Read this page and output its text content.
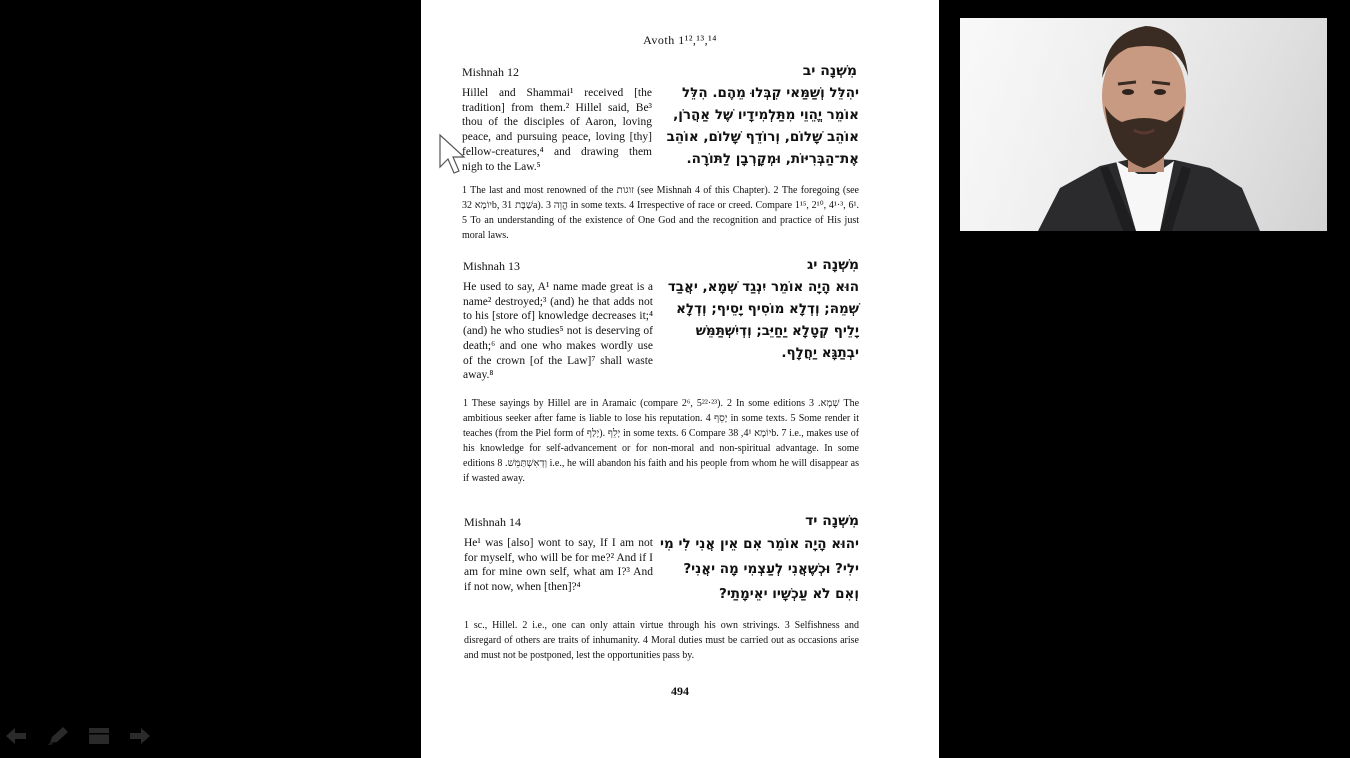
Avoth 1¹²,¹³,¹⁴
Mishnah 12	מִשְׁנָה יב
Hillel and Shammai¹ received [the tradition] from them.² Hillel said, Be³ thou of the disciples of Aaron, loving peace, and pursuing peace, loving [thy] fellow-creatures,⁴ and drawing them nigh to the Law.⁵
יהִלֵּל וְשַׁמַּאי קִבְּלוּ מֵהֶם. הִלֵּל
אוֹמֵר יֱהֵוֵי מִתַּלְמִידָיו שֶׁל אַהֲרֹן,
אוֹהֵב שָׁלוֹם, וְרוֹדֵף שָׁלוֹם, אוֹהֵב
אֶת־הַבְּרִיּוֹת, וּמְקָרְבָן לַתּוֹרָה.
1 The last and most renowned of the זוגות (see Mishnah 4 of this Chapter). 2 The foregoing (see יוֹמָא 32b, שַׁבָּת 31a). 3 הֱוֵה in some texts. 4 Irrespective of race or creed. Compare 1¹⁵, 2¹⁰, 4¹·³, 6¹. 5 To an understanding of the existence of One God and the recognition and practice of His just moral laws.
Mishnah 13	מִשְׁנָה יג
He used to say, A¹ name made great is a name² destroyed;³ (and) he that adds not to his [store of] knowledge decreases it;⁴ (and) he who studies⁵ not is deserving of death;⁶ and one who makes wordly use of the crown [of the Law]⁷ shall waste away.⁸
הוּא הָיָה אוֹמֵר יִנְגַד שְׁמָא, יאֲבַד
שְׁמֵהּ; וְדְלָא מוֹסִיף יָסֵיף; וְדְלָא
יָלֵיף קְטָלָא יַחַיֵּב; וְדְיִשְׁתַּמֵּשׁ
יבְתַגָּא יַחֲלָף.
1 These sayings by Hillel are in Aramaic (compare 2⁶, 5²²·²³). 2 In some editions שְׁמָא. 3 The ambitious seeker after fame is liable to lose his reputation. 4 יָסֵף in some texts. 5 Some render it teaches (from the Piel form of יָלַף). יָלֵף in some texts. 6 Compare יוֹמָא 4¹, 38b. 7 i.e., makes use of his knowledge for self-advancement or for non-moral and non-spiritual advantage. In some editions וְדְאִשְׁתַּמֵּשׁ. 8 i.e., he will abandon his faith and his people from whom he will disappear as if wasted away.
Mishnah 14	מִשְׁנָה יד
He¹ was [also] wont to say, If I am not for myself, who will be for me?² And if I am for mine own self, what am I?³ And if not now, when [then]?⁴
יהוּא הָיָה אוֹמֵר אִם אֵין אֲנִי לִי מִי
ילִי? וּכְשֶׁאֲנִי לְעַצְמִי מָה יאֲנִי?
וְאִם לֹא עַכְשָׁיו יאֵימָתַי?
1 sc., Hillel. 2 i.e., one can only attain virtue through his own strivings. 3 Selfishness and disregard of others are traits of inhumanity. 4 Moral duties must be carried out as occasions arise and must not be postponed, lest the opportunities pass by.
494
